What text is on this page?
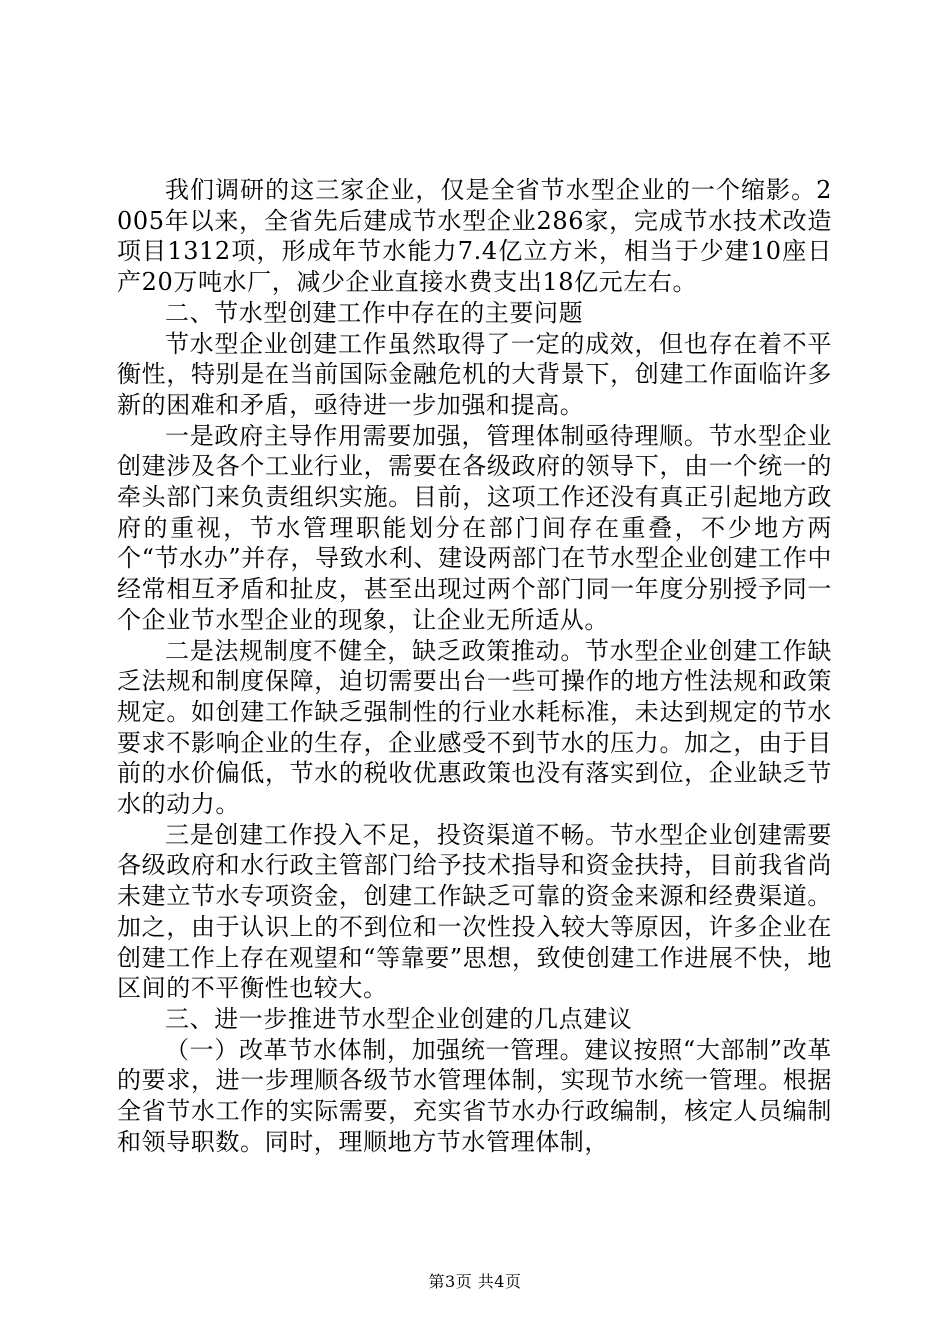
我们调研的这三家企业，仅是全省节水型企业的一个缩影。2005年以来，全省先后建成节水型企业286家，完成节水技术改造项目1312项，形成年节水能力7.4亿立方米，相当于少建10座日产20万吨水厂，减少企业直接水费支出18亿元左右。

二、节水型创建工作中存在的主要问题

节水型企业创建工作虽然取得了一定的成效，但也存在着不平衡性，特别是在当前国际金融危机的大背景下，创建工作面临许多新的困难和矛盾，亟待进一步加强和提高。

一是政府主导作用需要加强，管理体制亟待理顺。节水型企业创建涉及各个工业行业，需要在各级政府的领导下，由一个统一的牵头部门来负责组织实施。目前，这项工作还没有真正引起地方政府的重视，节水管理职能划分在部门间存在重叠，不少地方两个“节水办”并存，导致水利、建设两部门在节水型企业创建工作中经常相互矛盾和扯皮，甚至出现过两个部门同一年度分别授予同一个企业节水型企业的现象，让企业无所适从。

二是法规制度不健全，缺乏政策推动。节水型企业创建工作缺乏法规和制度保障，迫切需要出台一些可操作的地方性法规和政策规定。如创建工作缺乏强制性的行业水耗标准，未达到规定的节水要求不影响企业的生存，企业感受不到节水的压力。加之，由于目前的水价偏低，节水的税收优惠政策也没有落实到位，企业缺乏节水的动力。

三是创建工作投入不足，投资渠道不畅。节水型企业创建需要各级政府和水行政主管部门给予技术指导和资金扶持，目前我省尚未建立节水专项资金，创建工作缺乏可靠的资金来源和经费渠道。加之，由于认识上的不到位和一次性投入较大等原因，许多企业在创建工作上存在观望和“等靠要”思想，致使创建工作进展不快，地区间的不平衡性也较大。

三、进一步推进节水型企业创建的几点建议

（一）改革节水体制，加强统一管理。建议按照“大部制”改革的要求，进一步理顺各级节水管理体制，实现节水统一管理。根据全省节水工作的实际需要，充实省节水办行政编制，核定人员编制和领导职数。同时，理顺地方节水管理体制，

第3页 共4页
